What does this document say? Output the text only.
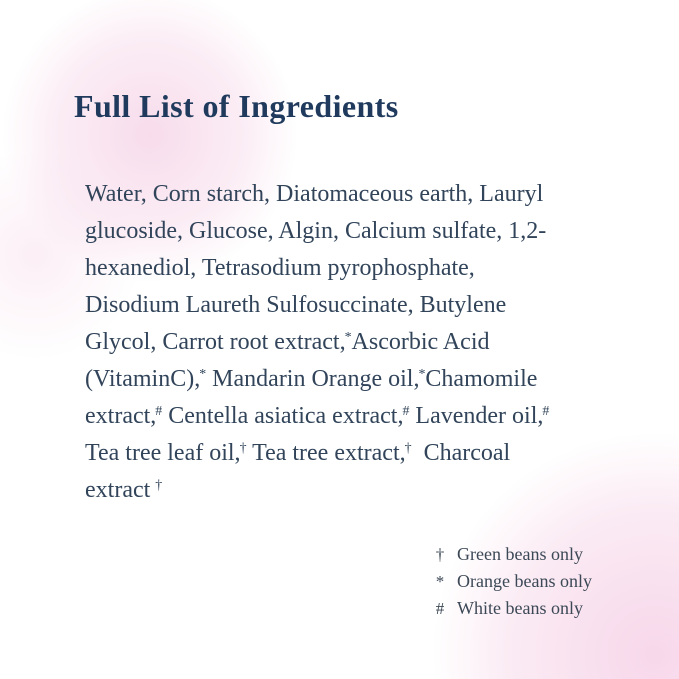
Full List of Ingredients
Water, Corn starch, Diatomaceous earth, Lauryl
glucoside, Glucose, Algin, Calcium sulfate, 1,2-
hexanediol, Tetrasodium pyrophosphate,
Disodium Laureth Sulfosuccinate, Butylene
Glycol, Carrot root extract,*Ascorbic Acid
(VitaminC),* Mandarin Orange oil,*Chamomile
extract,# Centella asiatica extract,# Lavender oil,#
Tea tree leaf oil,† Tea tree extract,†  Charcoal
extract †
† Green beans only
* Orange beans only
# White beans only
